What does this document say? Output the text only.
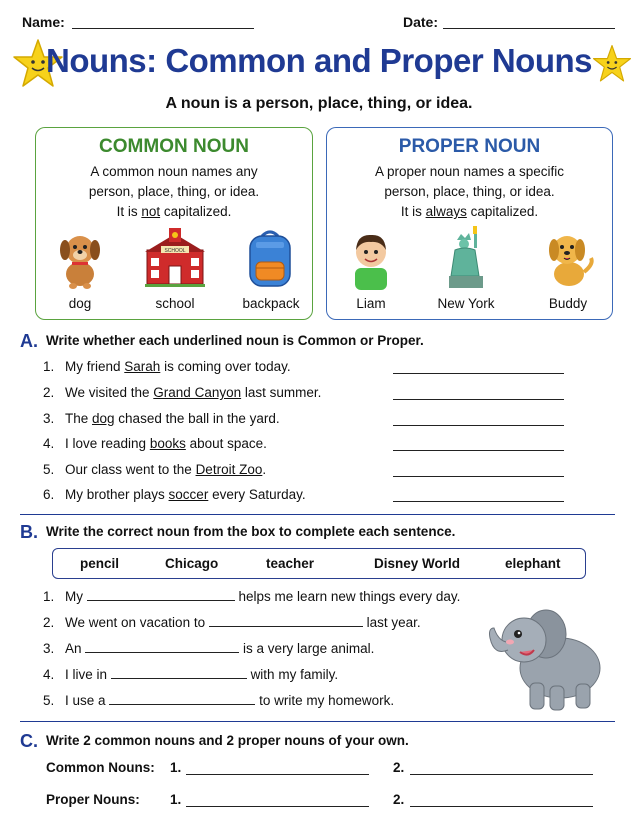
Name:	Date:
Nouns: Common and Proper Nouns
A noun is a person, place, thing, or idea.
COMMON NOUN
A common noun names any
person, place, thing, or idea.
It is not capitalized.
dog
SCHOOL
school	backpack
PROPER NOUN
A proper noun names a specific
person, place, thing, or idea.
It is always capitalized.
Liam	New York	Buddy
A. Write whether each underlined noun is Common or Proper.
1. My friend Sarah is coming over today.
2. We visited the Grand Canyon last summer.
3. The dog chased the ball in the yard.
4. I love reading books about space.
5. Our class went to the Detroit Zoo.
6. My brother plays soccer every Saturday.
B. Write the correct noun from the box to complete each sentence.
pencil	Chicago	teacher	Disney World	elephant
1. My	helps me learn new things every day.
2. We went on vacation to	last year.
3. An	is a very large animal.
4. I live in	with my family.
5. I use a	to write my homework.
C. Write 2 common nouns and 2 proper nouns of your own.
Common Nouns: 1.	2.
Proper Nouns: 1.	2.
